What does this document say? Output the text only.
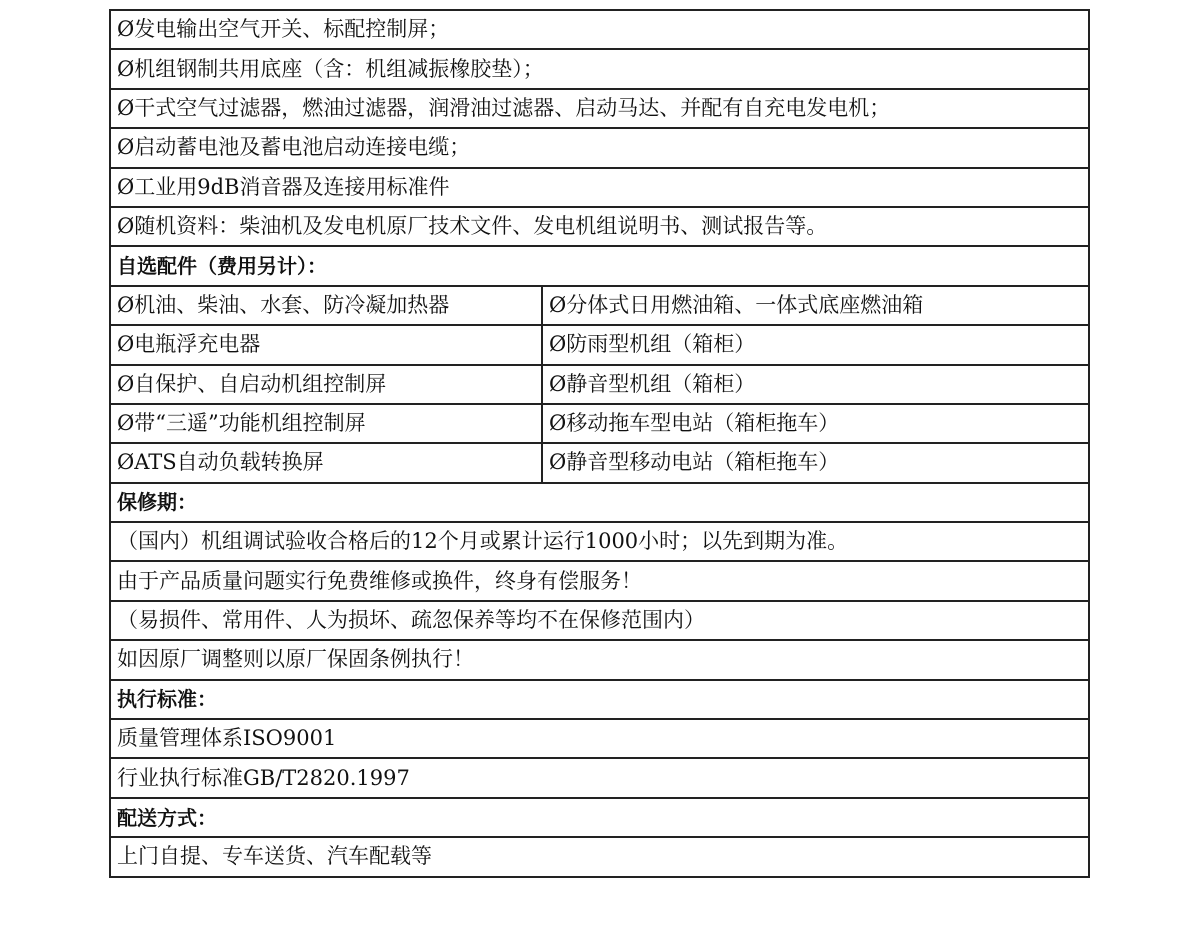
Ø发电输出空气开关、标配控制屏；	
Ø机组钢制共用底座（含：机组减振橡胶垫）；	
Ø干式空气过滤器，燃油过滤器，润滑油过滤器、启动马达、并配有自充电发电机；	
Ø启动蓄电池及蓄电池启动连接电缆；	
Ø工业用9dB消音器及连接用标准件	
Ø随机资料：柴油机及发电机原厂技术文件、发电机组说明书、测试报告等。	
自选配件（费用另计）：	
Ø机油、柴油、水套、防冷凝加热器	Ø分体式日用燃油箱、一体式底座燃油箱
Ø电瓶浮充电器	Ø防雨型机组（箱柜）
Ø自保护、自启动机组控制屏	Ø静音型机组（箱柜）
Ø带“三遥”功能机组控制屏	Ø移动拖车型电站（箱柜拖车）
ØATS自动负载转换屏	Ø静音型移动电站（箱柜拖车）
保修期：	
（国内）机组调试验收合格后的12个月或累计运行1000小时；以先到期为准。	
由于产品质量问题实行免费维修或换件，终身有偿服务！	
（易损件、常用件、人为损坏、疏忽保养等均不在保修范围内）	
如因原厂调整则以原厂保固条例执行！	
执行标准：	
质量管理体系ISO9001	
行业执行标准GB/T2820.1997	
配送方式：	
上门自提、专车送货、汽车配载等	
